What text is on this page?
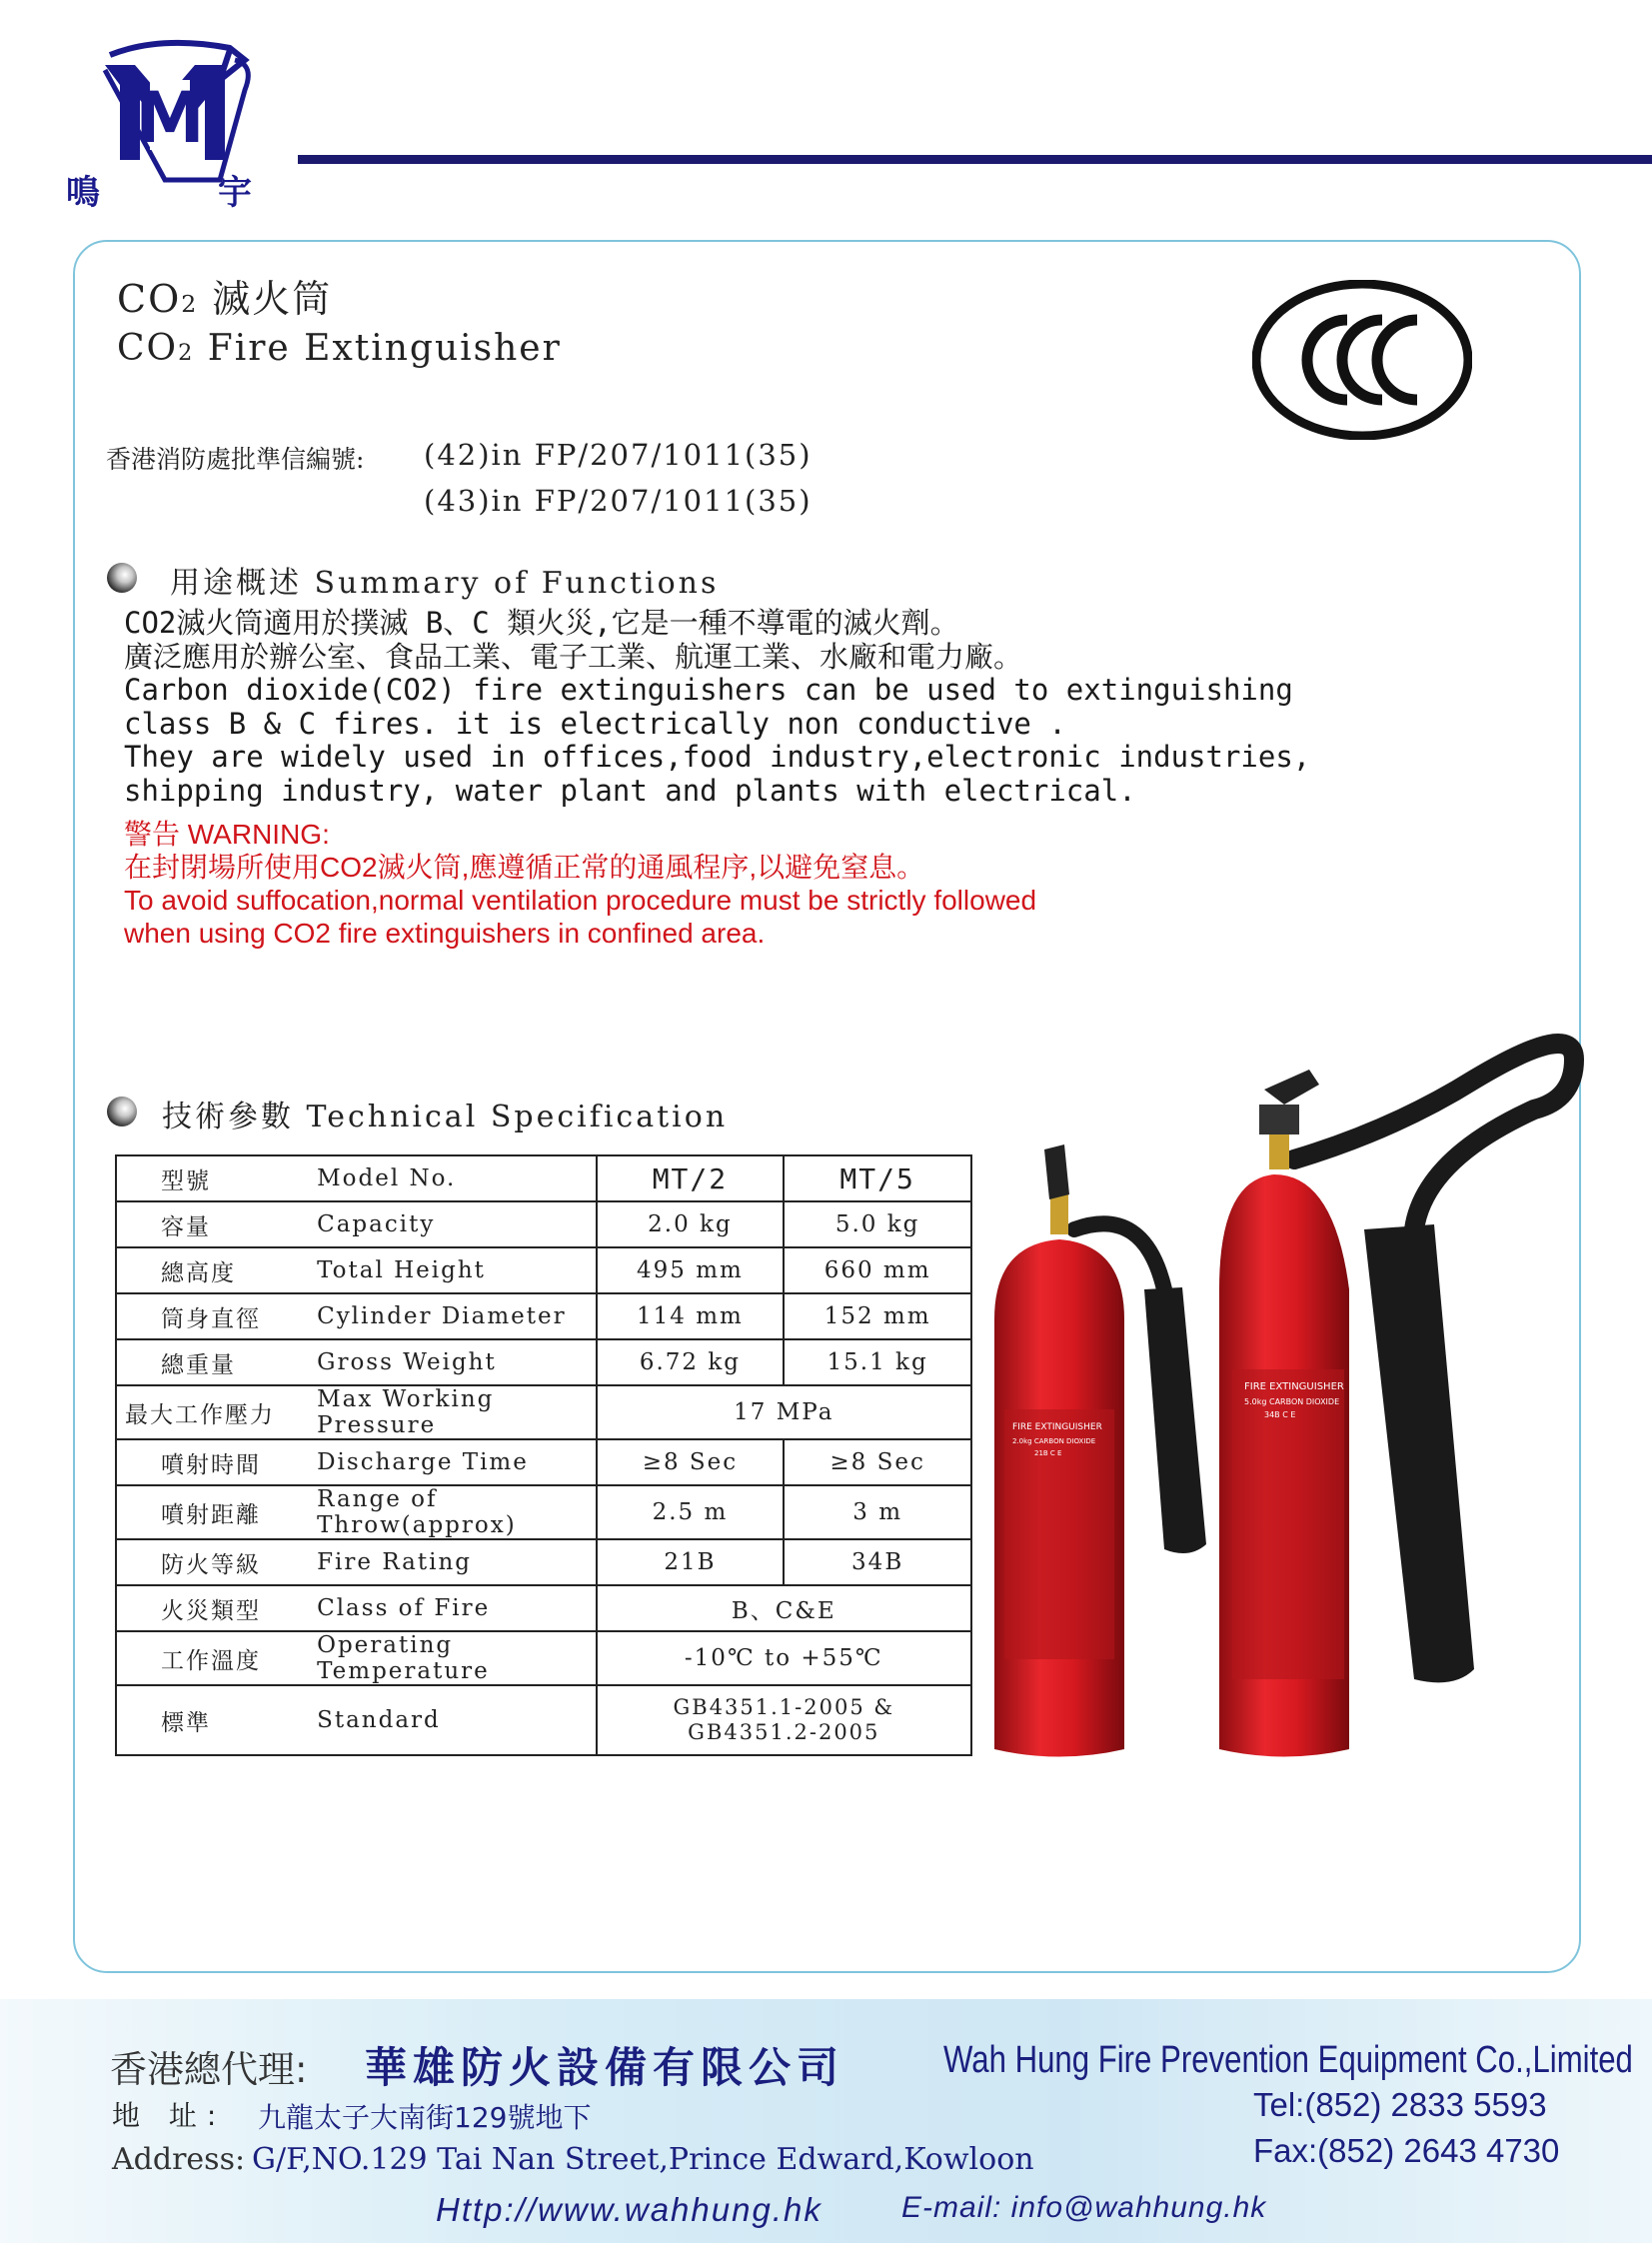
M
鳴	宇
CO2 滅火筒
CO2 Fire Extinguisher
香港消防處批準信編號: (42)in FP/207/1011(35)
(43)in FP/207/1011(35)
用途概述 Summary of Functions
CO2滅火筒適用於撲滅 B、C 類火災,它是一種不導電的滅火劑。
廣泛應用於辦公室、食品工業、電子工業、航運工業、水廠和電力廠。
Carbon dioxide(CO2) fire extinguishers can be used to extinguishing
class B & C fires. it is electrically non conductive .
They are widely used in offices,food industry,electronic industries,
shipping industry, water plant and plants with electrical.
警告 WARNING:
在封閉場所使用CO2滅火筒,應遵循正常的通風程序,以避免窒息。
To avoid suffocation,normal ventilation procedure must be strictly followed
when using CO2 fire extinguishers in confined area.
技術參數 Technical Specification
型號	Model No.	MT/2	MT/5
容量	Capacity	2.0 kg	5.0 kg
總高度	Total Height	495 mm	660 mm
筒身直徑	Cylinder Diameter	114 mm	152 mm
總重量	Gross Weight	6.72 kg	15.1 kg
最大工作壓力	Max Working Pressure	17 MPa	
噴射時間	Discharge Time	≥8 Sec	≥8 Sec
噴射距離	Range of Throw(approx)	2.5 m	3 m
防火等級	Fire Rating	21B	34B
火災類型	Class of Fire	B、C&E	
工作溫度	Operating Temperature	-10℃ to +55℃	
標準	Standard	GB4351.1-2005 &
GB4351.2-2005	
FIRE EXTINGUISHER
5.0kg CARBON DIOXIDE
34B C E
FIRE EXTINGUISHER
2.0kg CARBON DIOXIDE
21B C E
香港總代理: 華雄防火設備有限公司	Wah Hung Fire Prevention Equipment Co.,Limited
地 址: 九龍太子大南街129號地下	Tel:(852) 2833 5593
Fax:(852) 2643 4730
Address: G/F,NO.129 Tai Nan Street,Prince Edward,Kowloon
Http://www.wahhung.hk	E-mail: info@wahhung.hk
